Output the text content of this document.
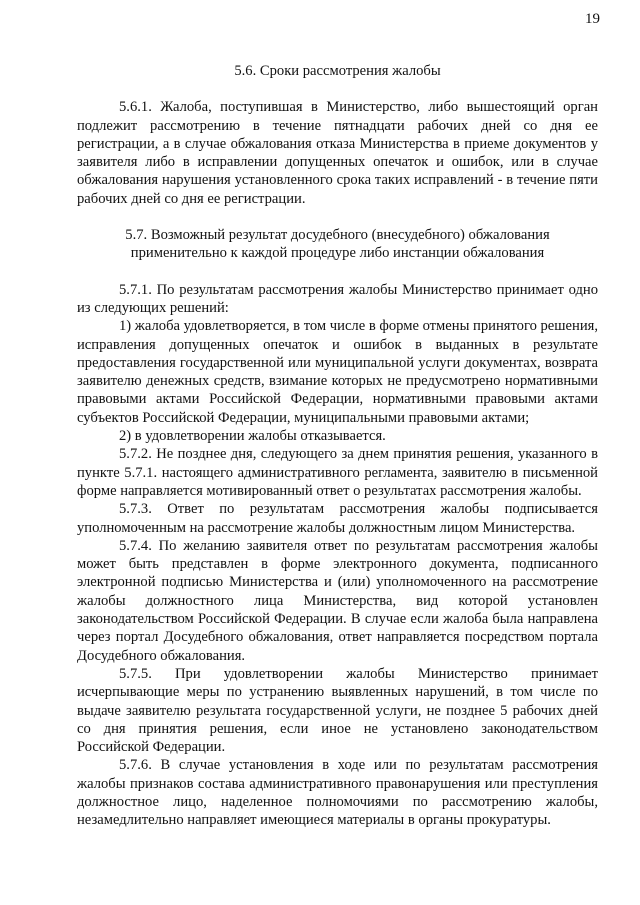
19

5.6. Сроки рассмотрения жалобы

5.6.1. Жалоба, поступившая в Министерство, либо вышестоящий орган подлежит рассмотрению в течение пятнадцати рабочих дней со дня ее регистрации, а в случае обжалования отказа Министерства в приеме документов у заявителя либо в исправлении допущенных опечаток и ошибок, или в случае обжалования нарушения установленного срока таких исправлений - в течение пяти рабочих дней со дня ее регистрации.

5.7. Возможный результат досудебного (внесудебного) обжалования

применительно к каждой процедуре либо инстанции обжалования

5.7.1. По результатам рассмотрения жалобы Министерство принимает одно из следующих решений:

1) жалоба удовлетворяется, в том числе в форме отмены принятого решения, исправления допущенных опечаток и ошибок в выданных в результате предоставления государственной или муниципальной услуги документах, возврата заявителю денежных средств, взимание которых не предусмотрено нормативными правовыми актами Российской Федерации, нормативными правовыми актами субъектов Российской Федерации, муниципальными правовыми актами;

2) в удовлетворении жалобы отказывается.

5.7.2. Не позднее дня, следующего за днем принятия решения, указанного в пункте 5.7.1. настоящего административного регламента, заявителю в письменной форме направляется мотивированный ответ о результатах рассмотрения жалобы.

5.7.3. Ответ по результатам рассмотрения жалобы подписывается уполномоченным на рассмотрение жалобы должностным лицом Министерства.

5.7.4. По желанию заявителя ответ по результатам рассмотрения жалобы может быть представлен в форме электронного документа, подписанного электронной подписью Министерства и (или) уполномоченного на рассмотрение жалобы должностного лица Министерства, вид которой установлен законодательством Российской Федерации. В случае если жалоба была направлена через портал Досудебного обжалования, ответ направляется посредством портала Досудебного обжалования.

5.7.5. При удовлетворении жалобы Министерство принимает исчерпывающие меры по устранению выявленных нарушений, в том числе по выдаче заявителю результата государственной услуги, не позднее 5 рабочих дней со дня принятия решения, если иное не установлено законодательством Российской Федерации.

5.7.6. В случае установления в ходе или по результатам рассмотрения жалобы признаков состава административного правонарушения или преступления должностное лицо, наделенное полномочиями по рассмотрению жалобы, незамедлительно направляет имеющиеся материалы в органы прокуратуры.
